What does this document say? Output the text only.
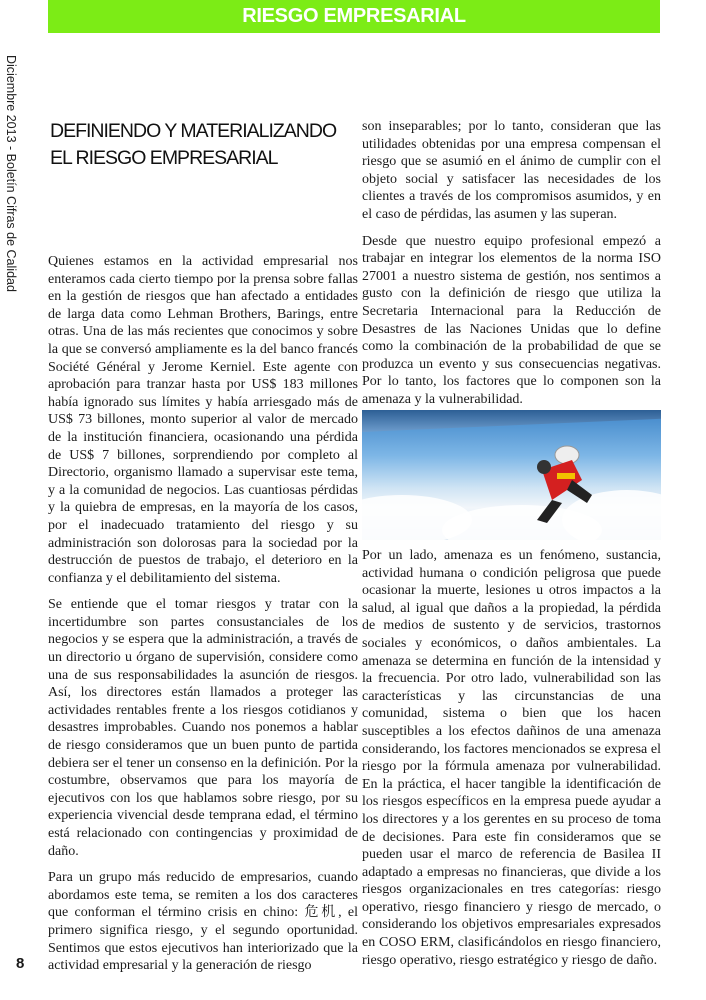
RIESGO EMPRESARIAL
Diciembre 2013 - Boletín Cifras de Calidad DEFINIENDO Y MATERIALIZANDO EL RIESGO EMPRESARIAL

Quienes estamos en la actividad empresarial nos enteramos cada cierto tiempo por la prensa sobre fallas en la gestión de riesgos que han afectado a entidades de larga data como Lehman Brothers, Barings, entre otras. Una de las más recientes que conocimos y sobre la que se conversó ampliamente es la del banco francés Société Général y Jerome Kerniel. Este agente con aprobación para tranzar hasta por US$ 183 millones había ignorado sus límites y había arriesgado más de US$ 73 billones, monto superior al valor de mercado de la institución financiera, ocasionando una pérdida de US$ 7 billones, sorprendiendo por completo al Directorio, organismo llamado a supervisar este tema, y a la comunidad de negocios. Las cuantiosas pérdidas y la quiebra de empresas, en la mayoría de los casos, por el inadecuado tratamiento del riesgo y su administración son dolorosas para la sociedad por la destrucción de puestos de trabajo, el deterioro en la confianza y el debilitamiento del sistema.

Se entiende que el tomar riesgos y tratar con la incertidumbre son partes consustanciales de los negocios y se espera que la administración, a través de un directorio u órgano de supervisión, considere como una de sus responsabilidades la asunción de riesgos. Así, los directores están llamados a proteger las actividades rentables frente a los riesgos cotidianos y desastres improbables. Cuando nos ponemos a hablar de riesgo consideramos que un buen punto de partida debiera ser el tener un consenso en la definición. Por la costumbre, observamos que para los mayoría de ejecutivos con los que hablamos sobre riesgo, por su experiencia vivencial desde temprana edad, el término está relacionado con contingencias y proximidad de daño.

Para un grupo más reducido de empresarios, cuando abordamos este tema, se remiten a los dos caracteres que conforman el término crisis en chino: 危机, el primero significa riesgo, y el segundo oportunidad. Sentimos que estos ejecutivos han interiorizado que la actividad empresarial y la generación de riesgo

son inseparables; por lo tanto, consideran que las utilidades obtenidas por una empresa compensan el riesgo que se asumió en el ánimo de cumplir con el objeto social y satisfacer las necesidades de los clientes a través de los compromisos asumidos, y en el caso de pérdidas, las asumen y las superan.

Desde que nuestro equipo profesional empezó a trabajar en integrar los elementos de la norma ISO 27001 a nuestro sistema de gestión, nos sentimos a gusto con la definición de riesgo que utiliza la Secretaria Internacional para la Reducción de Desastres de las Naciones Unidas que lo define como la combinación de la probabilidad de que se produzca un evento y sus consecuencias negativas. Por lo tanto, los factores que lo componen son la amenaza y la vulnerabilidad.

Por un lado, amenaza es un fenómeno, sustancia, actividad humana o condición peligrosa que puede ocasionar la muerte, lesiones u otros impactos a la salud, al igual que daños a la propiedad, la pérdida de medios de sustento y de servicios, trastornos sociales y económicos, o daños ambientales. La amenaza se determina en función de la intensidad y la frecuencia. Por otro lado, vulnerabilidad son las características y las circunstancias de una comunidad, sistema o bien que los hacen susceptibles a los efectos dañinos de una amenaza considerando, los factores mencionados se expresa el riesgo por la fórmula amenaza por vulnerabilidad. En la práctica, el hacer tangible la identificación de los riesgos específicos en la empresa puede ayudar a los directores y a los gerentes en su proceso de toma de decisiones. Para este fin consideramos que se pueden usar el marco de referencia de Basilea II adaptado a empresas no financieras, que divide a los riesgos organizacionales en tres categorías: riesgo operativo, riesgo financiero y riesgo de mercado, o considerando los objetivos empresariales expresados en COSO ERM, clasificándolos en riesgo financiero, riesgo operativo, riesgo estratégico y riesgo de daño.

8
